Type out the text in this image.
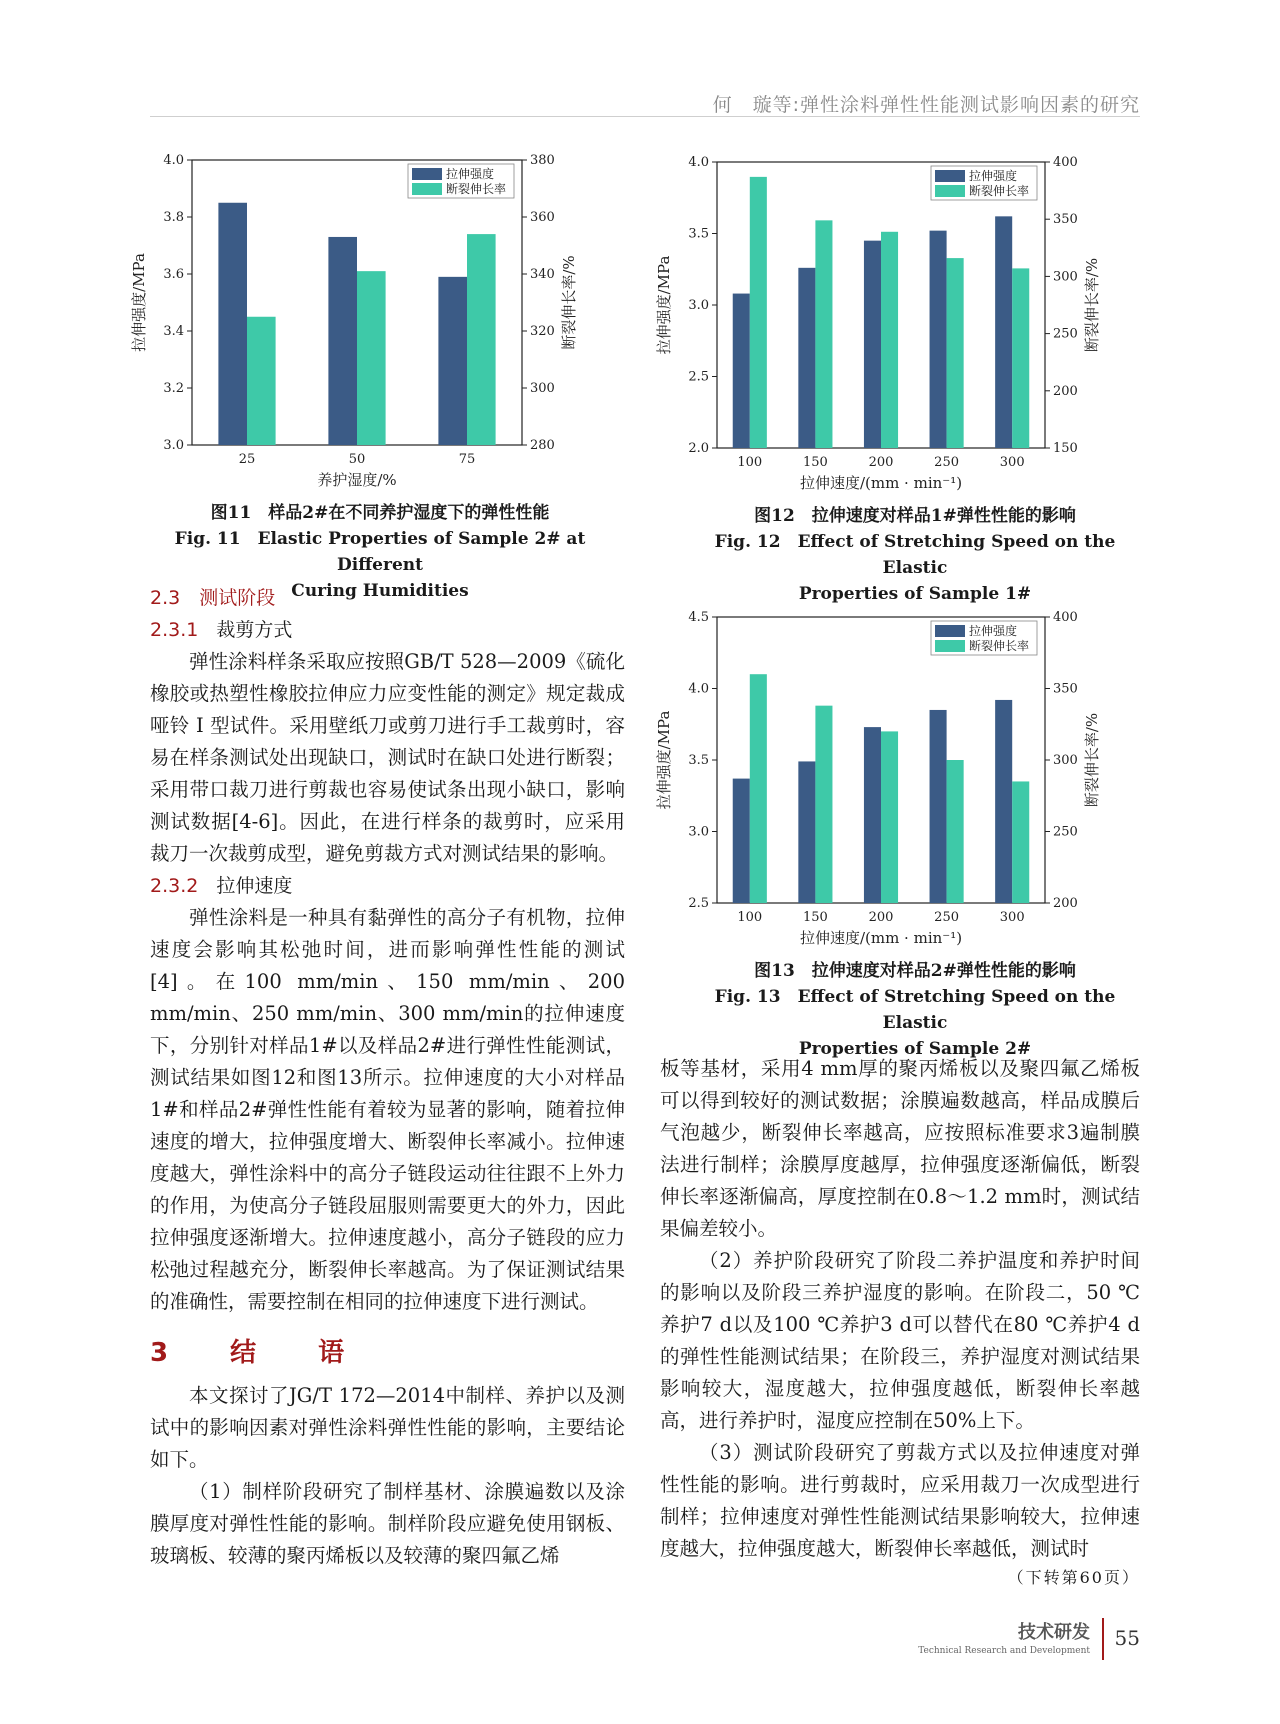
何　璇等:弹性涂料弹性性能测试影响因素的研究
3.0
3.2
3.4
3.6
3.8
4.0
280
300
320
340
360
380
25	50	75
养护湿度/%
拉伸强度/MPa	断裂伸长率/%
拉伸强度
断裂伸长率
图11　样品2#在不同养护湿度下的弹性性能
Fig. 11　Elastic Properties of Sample 2# at Different
Curing Humidities
2.0
2.5
3.0
3.5
4.0
150
200
250
300
350
400
100	150	200	250	300
拉伸速度/(mm · min⁻¹)
拉伸强度/MPa	断裂伸长率/%
拉伸强度
断裂伸长率
图12　拉伸速度对样品1#弹性性能的影响
Fig. 12　Effect of Stretching Speed on the Elastic
Properties of Sample 1#
2.5
3.0
3.5
4.0
4.5
200
250
300
350
400
100	150	200	250	300
拉伸速度/(mm · min⁻¹)
拉伸强度/MPa	断裂伸长率/%
拉伸强度
断裂伸长率
图13　拉伸速度对样品2#弹性性能的影响
Fig. 13　Effect of Stretching Speed on the Elastic
Properties of Sample 2#
2.3　测试阶段
2.3.1 裁剪方式

弹性涂料样条采取应按照GB/T 528—2009《硫化橡胶或热塑性橡胶拉伸应力应变性能的测定》规定裁成哑铃 I 型试件。采用壁纸刀或剪刀进行手工裁剪时，容易在样条测试处出现缺口，测试时在缺口处进行断裂；采用带口裁刀进行剪裁也容易使试条出现小缺口，影响测试数据[4-6]。因此，在进行样条的裁剪时，应采用裁刀一次裁剪成型，避免剪裁方式对测试结果的影响。

2.3.2 拉伸速度

弹性涂料是一种具有黏弹性的高分子有机物，拉伸速度会影响其松弛时间，进而影响弹性性能的测试[4]。在100 mm/min、150 mm/min、200 mm/min、250 mm/min、300 mm/min的拉伸速度下，分别针对样品1#以及样品2#进行弹性性能测试，测试结果如图12和图13所示。拉伸速度的大小对样品1#和样品2#弹性性能有着较为显著的影响，随着拉伸速度的增大，拉伸强度增大、断裂伸长率减小。拉伸速度越大，弹性涂料中的高分子链段运动往往跟不上外力的作用，为使高分子链段屈服则需要更大的外力，因此拉伸强度逐渐增大。拉伸速度越小，高分子链段的应力松弛过程越充分，断裂伸长率越高。为了保证测试结果的准确性，需要控制在相同的拉伸速度下进行测试。

3　结　语

本文探讨了JG/T 172—2014中制样、养护以及测试中的影响因素对弹性涂料弹性性能的影响，主要结论如下。

（1）制样阶段研究了制样基材、涂膜遍数以及涂膜厚度对弹性性能的影响。制样阶段应避免使用钢板、玻璃板、较薄的聚丙烯板以及较薄的聚四氟乙烯

板等基材，采用4 mm厚的聚丙烯板以及聚四氟乙烯板可以得到较好的测试数据；涂膜遍数越高，样品成膜后气泡越少，断裂伸长率越高，应按照标准要求3遍制膜法进行制样；涂膜厚度越厚，拉伸强度逐渐偏低，断裂伸长率逐渐偏高，厚度控制在0.8～1.2 mm时，测试结果偏差较小。

（2）养护阶段研究了阶段二养护温度和养护时间的影响以及阶段三养护湿度的影响。在阶段二，50 ℃养护7 d以及100 ℃养护3 d可以替代在80 ℃养护4 d的弹性性能测试结果；在阶段三，养护湿度对测试结果影响较大，湿度越大，拉伸强度越低，断裂伸长率越高，进行养护时，湿度应控制在50%上下。

（3）测试阶段研究了剪裁方式以及拉伸速度对弹性性能的影响。进行剪裁时，应采用裁刀一次成型进行制样；拉伸速度对弹性性能测试结果影响较大，拉伸速度越大，拉伸强度越大，断裂伸长率越低，测试时

（下转第60页）
技术研发
Technical Research and Development
55
